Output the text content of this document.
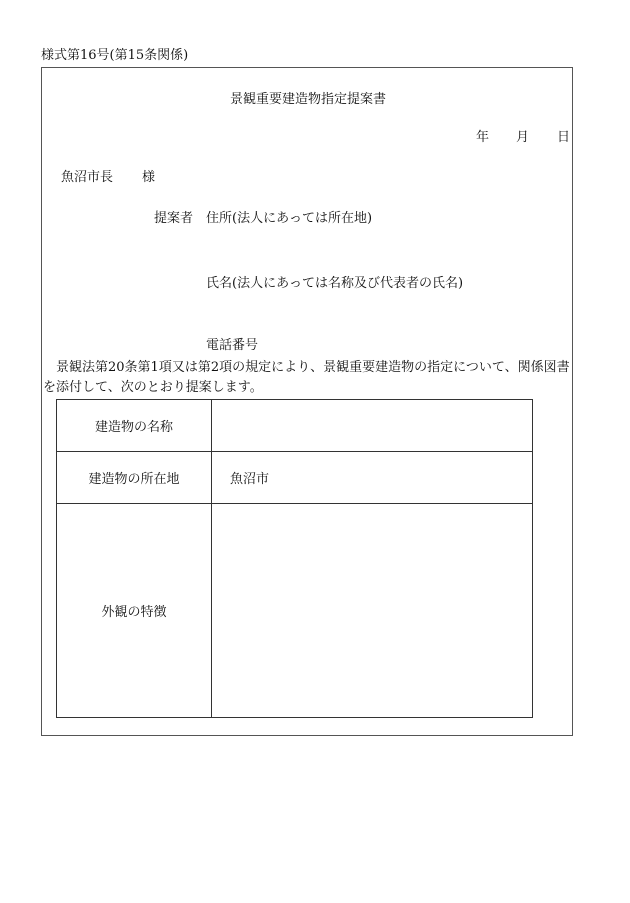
様式第16号(第15条関係)
景観重要建造物指定提案書
年 月 日
魚沼市長 様
提案者 住所(法人にあっては所在地)
氏名(法人にあっては名称及び代表者の氏名)
電話番号
景観法第20条第1項又は第2項の規定により、景観重要建造物の指定について、関係図書を添付して、次のとおり提案します。
建造物の名称	
建造物の所在地	魚沼市
外観の特徴	
